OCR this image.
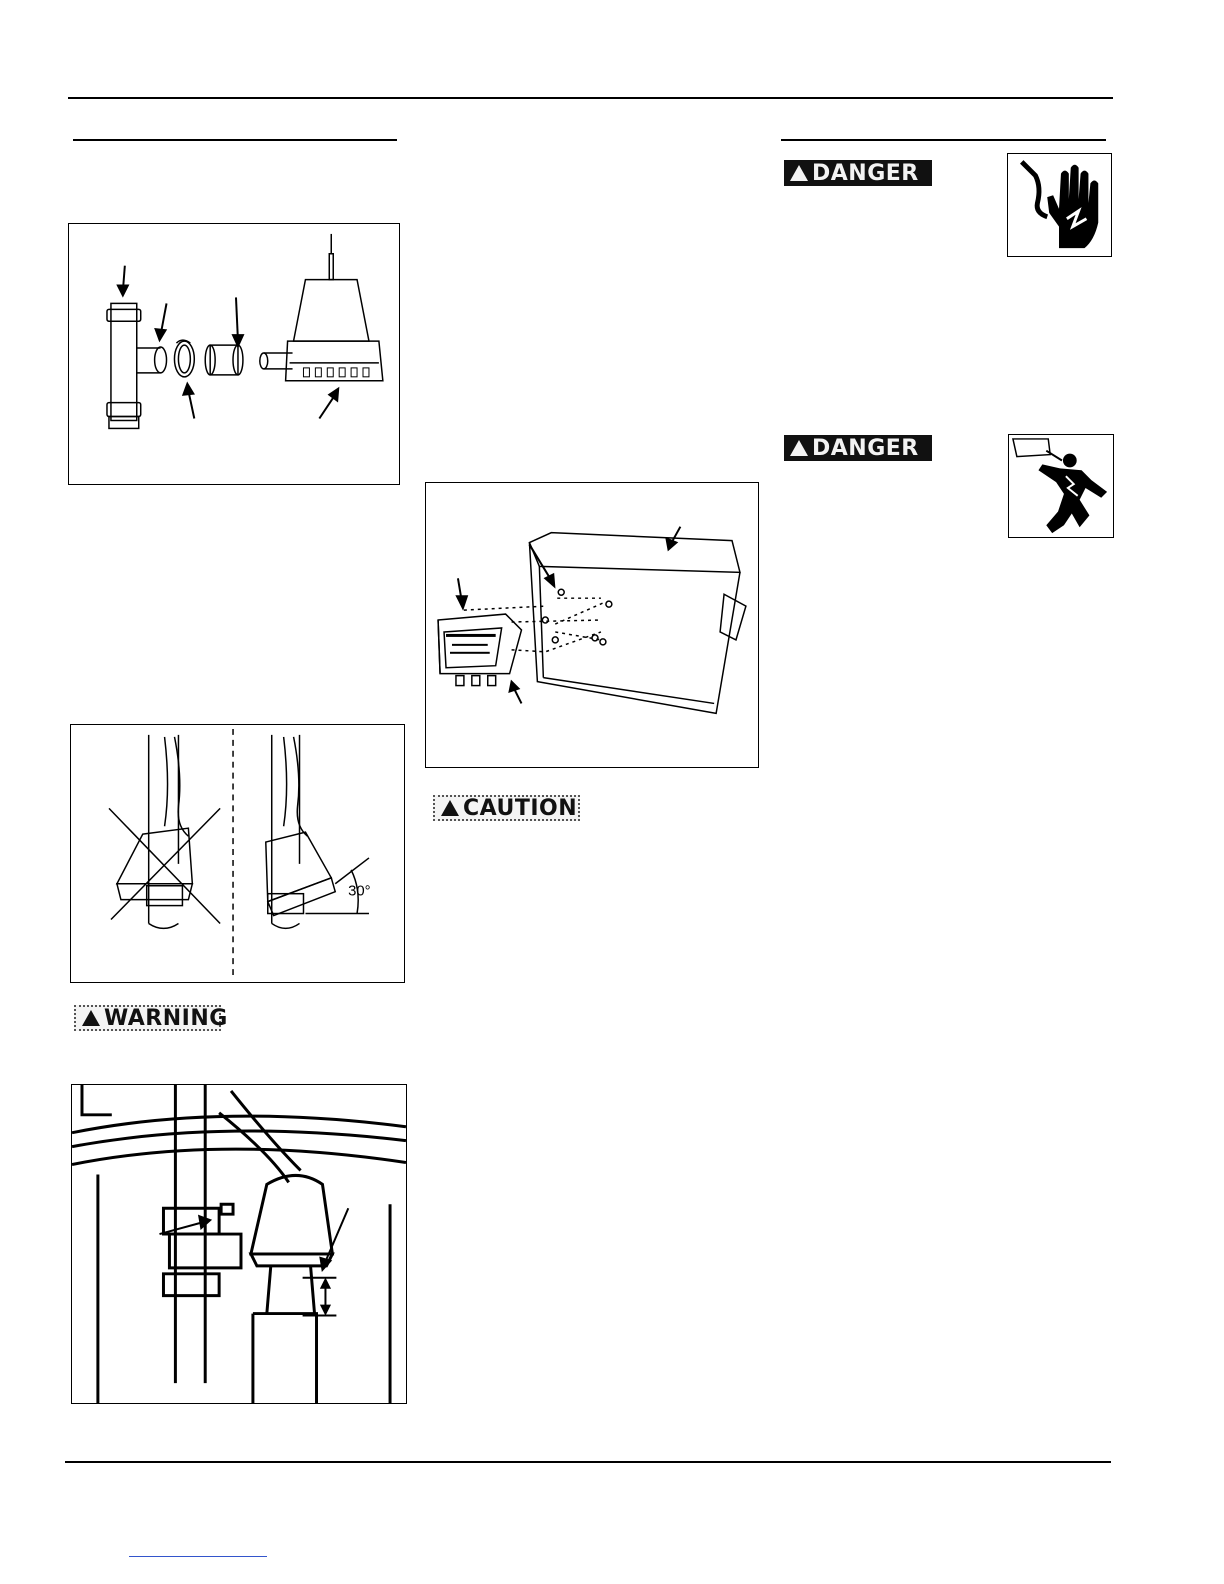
30°
WARNING
CAUTION
DANGER
DANGER
